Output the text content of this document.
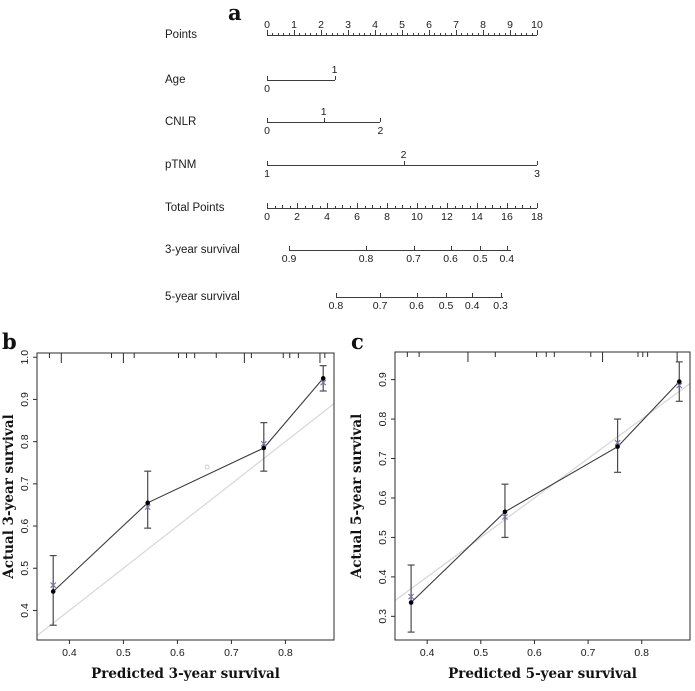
a
Points
0 1 2 3 4 5 6 7 8 9 10
Age
0
1
CNLR
0
1
2
pTNM
1
2
3
Total Points
0 2 4 6 8 10 12 14 16 18
3-year survival
0.9	0.8	0.7 0.6 0.5 0.4
5-year survival
0.8	0.7 0.6 0.5 0.4 0.3
b
0.4	0.5	0.6	0.7	0.8
0.4
0.5
0.6
0.7
0.8
0.9
1.0
Predicted 3-year survival
Actual 3-year survival
c
0.4	0.5	0.6	0.7	0.8
0.3
0.4
0.5
0.6
0.7
0.8
0.9
Predicted 5-year survival
Actual 5-year survival
